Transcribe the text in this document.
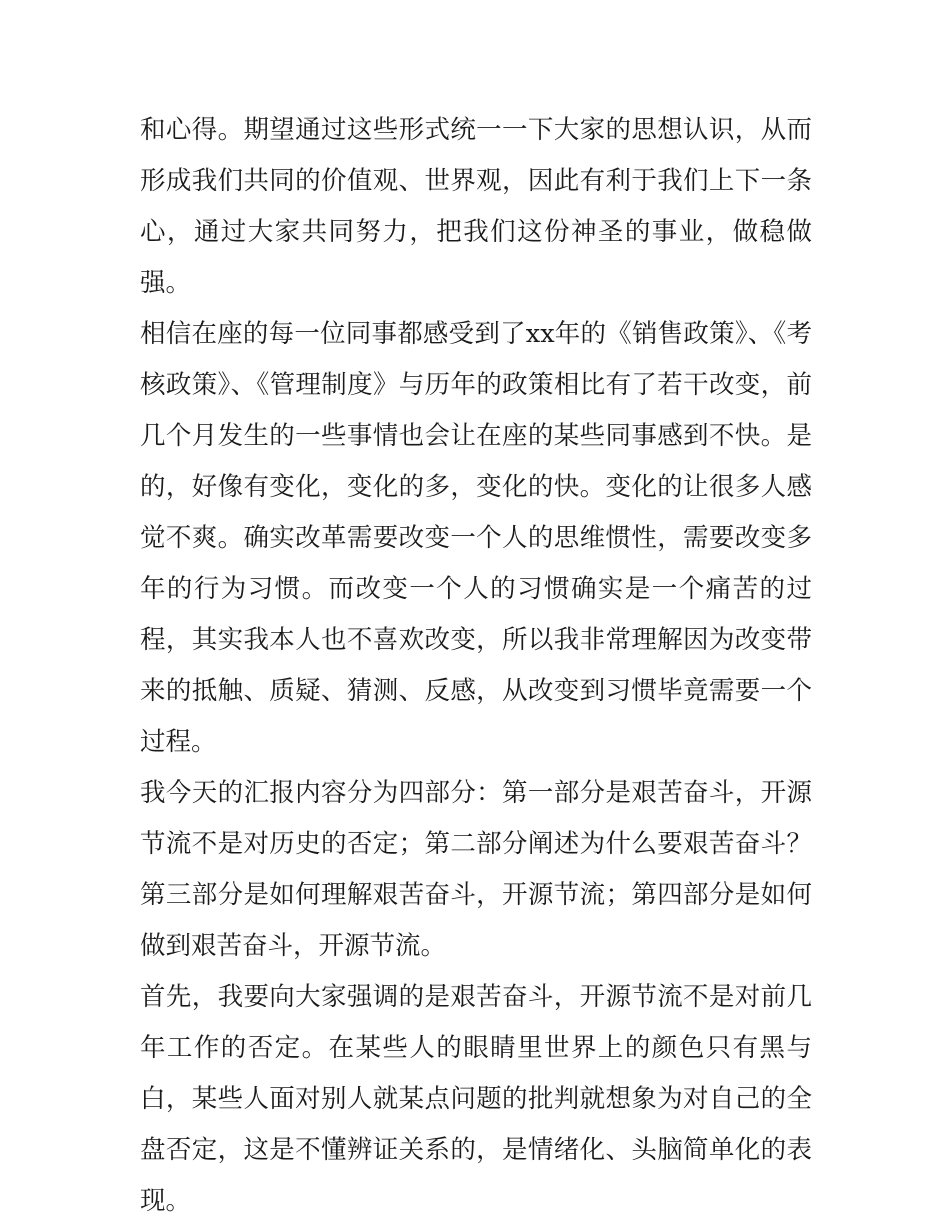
和心得。期望通过这些形式统一一下大家的思想认识，从而形成我们共同的价值观、世界观，因此有利于我们上下一条心，通过大家共同努力，把我们这份神圣的事业，做稳做强。

相信在座的每一位同事都感受到了xx年的《销售政策》、《考核政策》、《管理制度》与历年的政策相比有了若干改变，前几个月发生的一些事情也会让在座的某些同事感到不快。是的，好像有变化，变化的多，变化的快。变化的让很多人感觉不爽。确实改革需要改变一个人的思维惯性，需要改变多年的行为习惯。而改变一个人的习惯确实是一个痛苦的过程，其实我本人也不喜欢改变，所以我非常理解因为改变带来的抵触、质疑、猜测、反感，从改变到习惯毕竟需要一个过程。

我今天的汇报内容分为四部分：第一部分是艰苦奋斗，开源节流不是对历史的否定；第二部分阐述为什么要艰苦奋斗？第三部分是如何理解艰苦奋斗，开源节流；第四部分是如何做到艰苦奋斗，开源节流。

首先，我要向大家强调的是艰苦奋斗，开源节流不是对前几年工作的否定。在某些人的眼睛里世界上的颜色只有黑与白，某些人面对别人就某点问题的批判就想象为对自己的全盘否定，这是不懂辨证关系的，是情绪化、头脑简单化的表现。
